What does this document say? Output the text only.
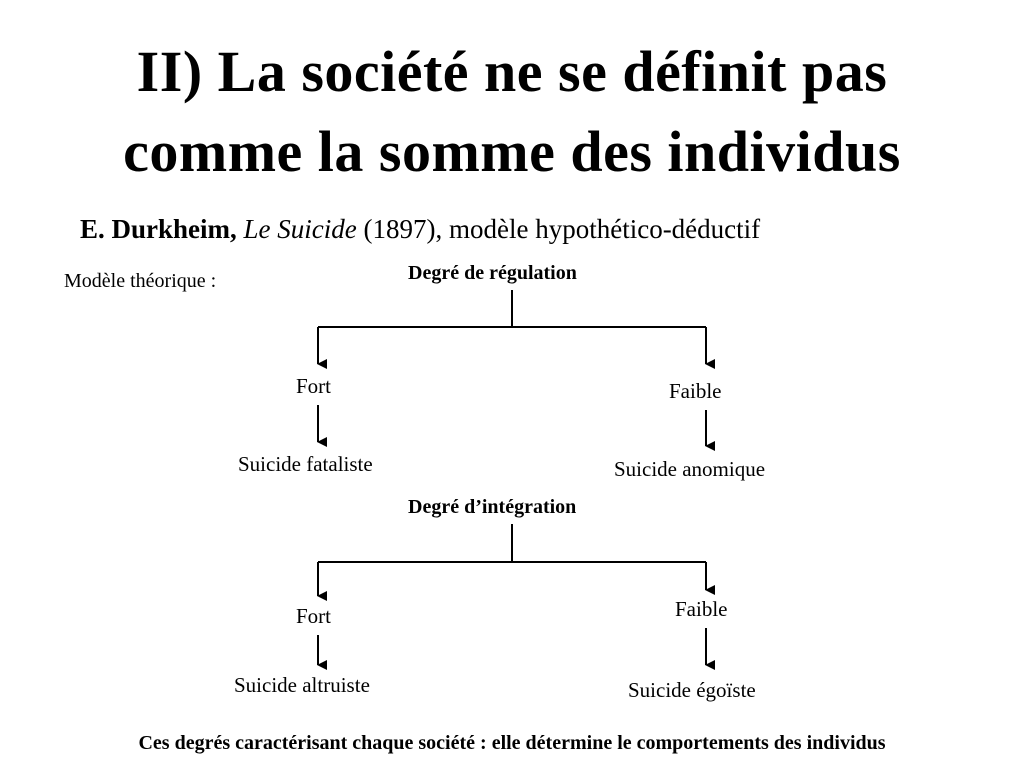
II) La société ne se définit pas
comme la somme des individus
E. Durkheim, Le Suicide (1897), modèle hypothético-déductif
Modèle théorique :	Degré de régulation
Fort	Faible
Suicide fataliste	Suicide anomique
Degré d’intégration
Fort	Faible
Suicide altruiste	Suicide égoïste
Ces degrés caractérisant chaque société : elle détermine le comportements des individus
